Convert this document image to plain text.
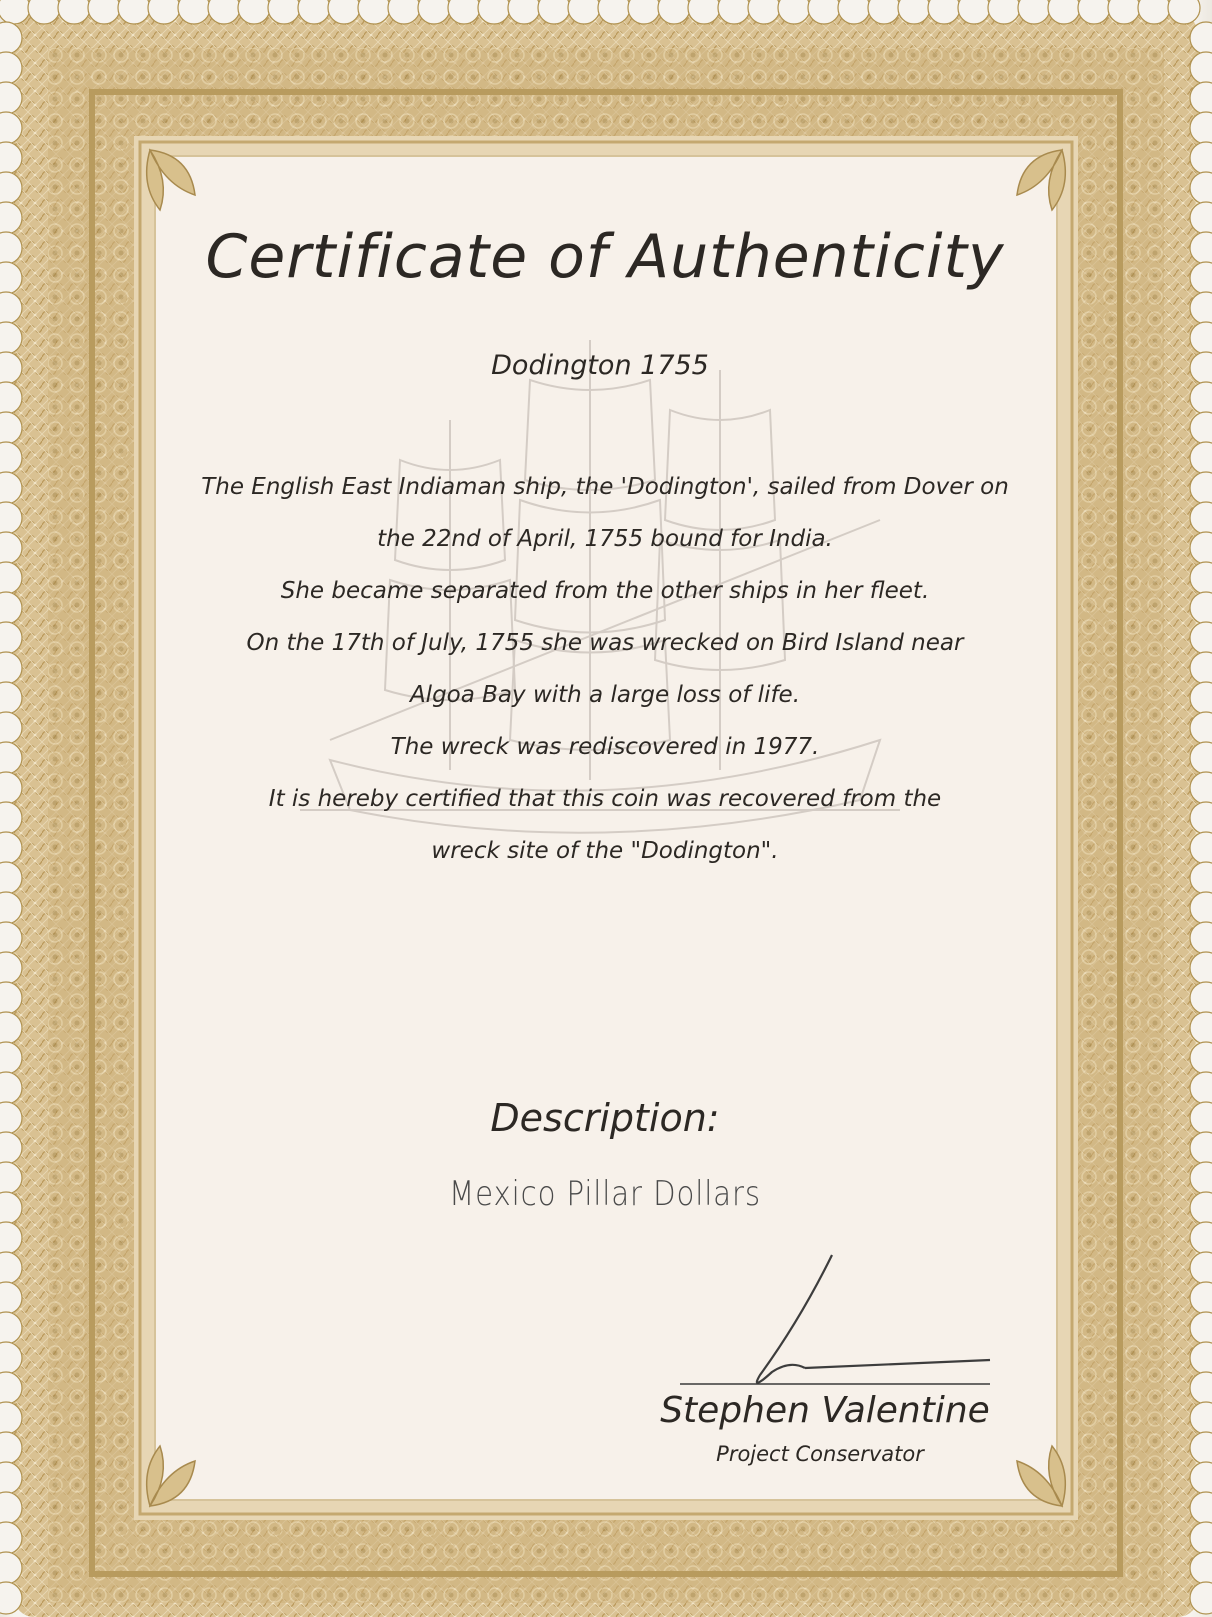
Certificate of Authenticity
Dodington 1755
The English East Indiaman ship, the 'Dodington', sailed from Dover on
the 22nd of April, 1755 bound for India.
She became separated from the other ships in her fleet.
On the 17th of July, 1755 she was wrecked on Bird Island near
Algoa Bay with a large loss of life.
The wreck was rediscovered in 1977.
It is hereby certified that this coin was recovered from the
wreck site of the "Dodington".
Description:
Mexico Pillar Dollars
Stephen Valentine
Project Conservator
